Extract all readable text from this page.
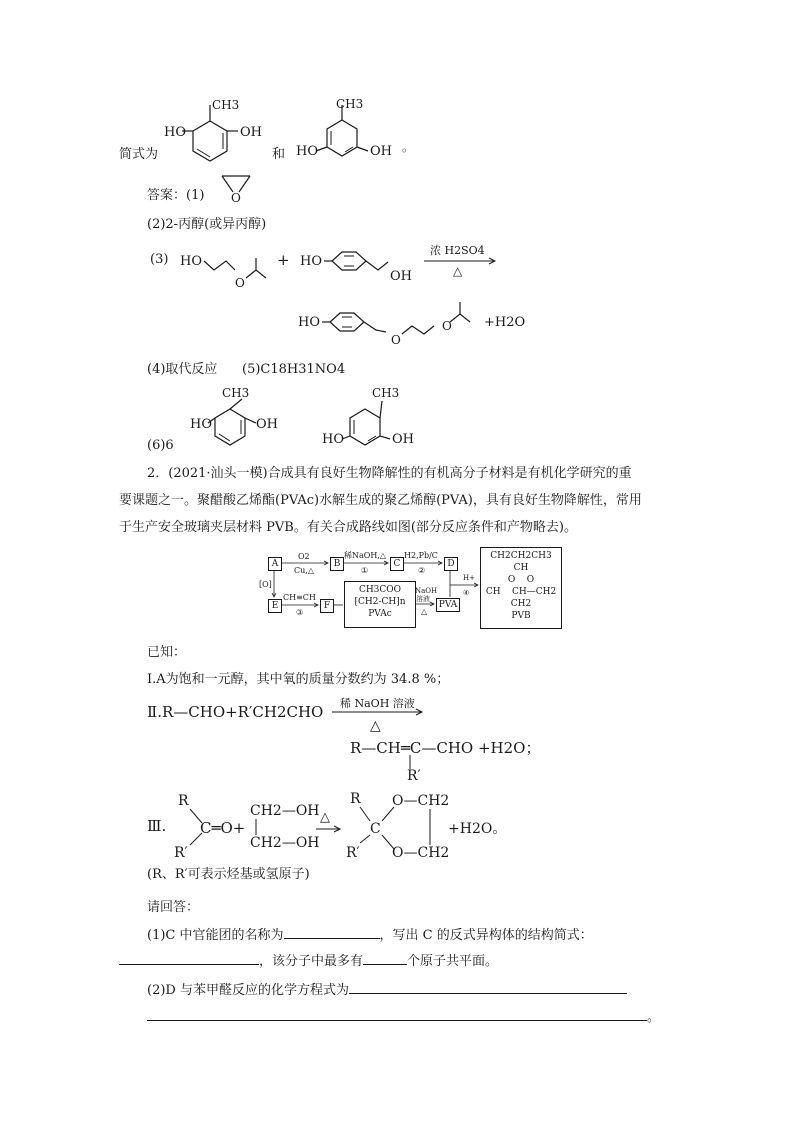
简式为
CH3
HO	OH
和
CH3
HO	OH 。
答案：(1) O
(2)2-丙醇(或异丙醇)
(3) HO
O
+ HO
OH
浓 H2SO4
△
HO
O
O +H2O
(4)取代反应 (5)C18H31NO4
CH3
HO	OH
CH3
HO	OH
(6)6
2．(2021·汕头一模)合成具有良好生物降解性的有机高分子材料是有机化学研究的重
要课题之一。聚醋酸乙烯酯(PVAc)水解生成的聚乙烯醇(PVA)，具有良好生物降解性，常用
于生产安全玻璃夹层材料 PVB。有关合成路线如图(部分反应条件和产物略去)。
A	B	C	D
E	F
CH3COO
⁅CH2-CH⁆n
PVAc
PVA
CH2CH2CH3
CH
O O
CH    CH—CH2
CH2
PVB
O2
Cu,△
稀NaOH,△
①
H2,Pb/C
②
[O]
CH≡CH
③
NaOH
溶液
△
H+
④
已知：
Ⅰ.A为饱和一元醇，其中氧的质量分数约为 34.8 %；
Ⅱ.R—CHO+R′CH2CHO 稀 NaOH 溶液
△
R—CH═C—CHO +H2O；
R′
Ⅲ.
R
R′
C═O+
CH2—OH
CH2—OH
△
R
R′
C
O—CH2
O—CH2
+H2O。
(R、R′可表示烃基或氢原子)
请回答：
(1)C 中官能团的名称为	，写出 C 的反式异构体的结构简式：
，该分子中最多有	个原子共平面。
(2)D 与苯甲醛反应的化学方程式为
。
